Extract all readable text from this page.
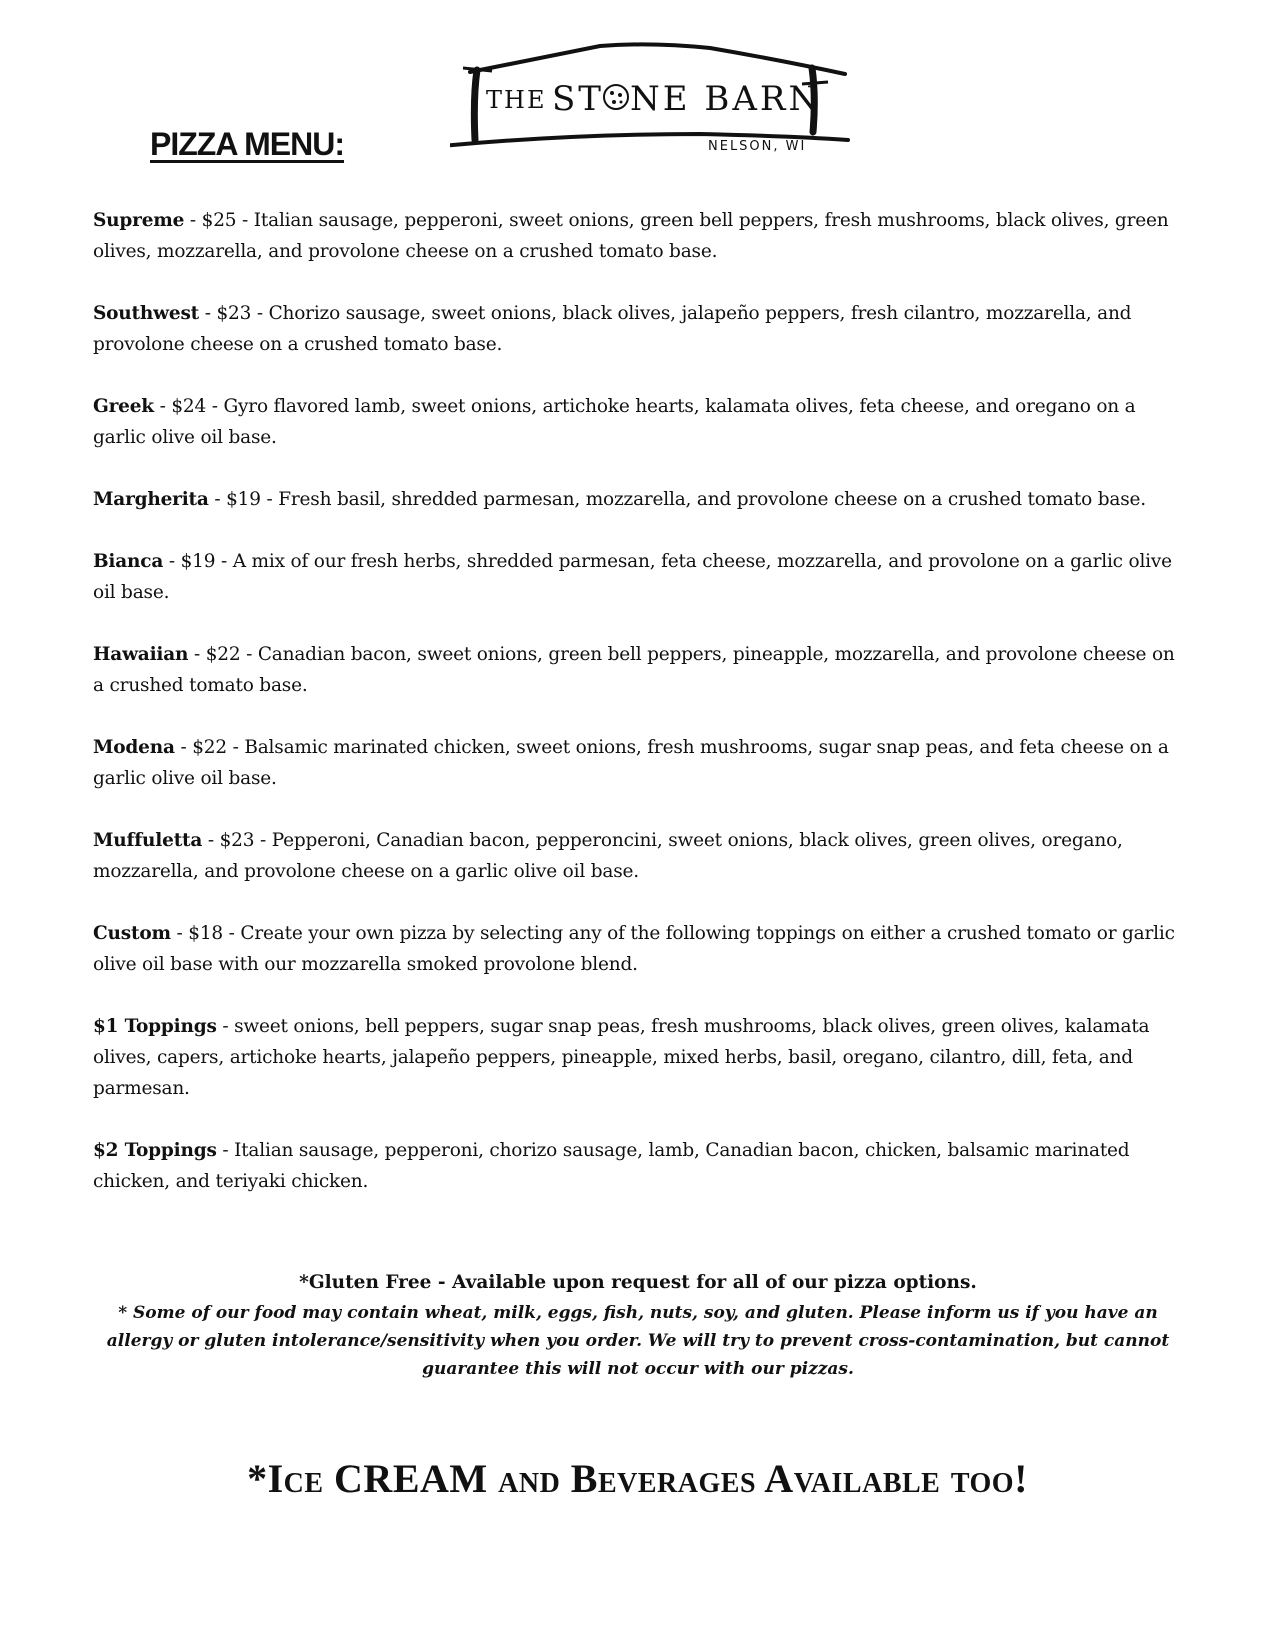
PIZZA MENU:
THE ST NE BARN
NELSON, WI
Supreme - $25 - Italian sausage, pepperoni, sweet onions, green bell peppers, fresh mushrooms, black olives, green olives, mozzarella, and provolone cheese on a crushed tomato base.
Southwest - $23 - Chorizo sausage, sweet onions, black olives, jalapeño peppers, fresh cilantro, mozzarella, and provolone cheese on a crushed tomato base.
Greek - $24 - Gyro flavored lamb, sweet onions, artichoke hearts, kalamata olives, feta cheese, and oregano on a garlic olive oil base.
Margherita - $19 - Fresh basil, shredded parmesan, mozzarella, and provolone cheese on a crushed tomato base.
Bianca - $19 - A mix of our fresh herbs, shredded parmesan, feta cheese, mozzarella, and provolone on a garlic olive oil base.
Hawaiian - $22 - Canadian bacon, sweet onions, green bell peppers, pineapple, mozzarella, and provolone cheese on a crushed tomato base.
Modena - $22 - Balsamic marinated chicken, sweet onions, fresh mushrooms, sugar snap peas, and feta cheese on a garlic olive oil base.
Muffuletta - $23 - Pepperoni, Canadian bacon, pepperoncini, sweet onions, black olives, green olives, oregano, mozzarella, and provolone cheese on a garlic olive oil base.
Custom - $18 - Create your own pizza by selecting any of the following toppings on either a crushed tomato or garlic olive oil base with our mozzarella smoked provolone blend.
$1 Toppings - sweet onions, bell peppers, sugar snap peas, fresh mushrooms, black olives, green olives, kalamata olives, capers, artichoke hearts, jalapeño peppers, pineapple, mixed herbs, basil, oregano, cilantro, dill, feta, and parmesan.
$2 Toppings - Italian sausage, pepperoni, chorizo sausage, lamb, Canadian bacon, chicken, balsamic marinated chicken, and teriyaki chicken.
*Gluten Free - Available upon request for all of our pizza options.
* Some of our food may contain wheat, milk, eggs, fish, nuts, soy, and gluten. Please inform us if you have an allergy or gluten intolerance/sensitivity when you order. We will try to prevent cross-contamination, but cannot guarantee this will not occur with our pizzas.
*Ice CREAM and Beverages Available too!
